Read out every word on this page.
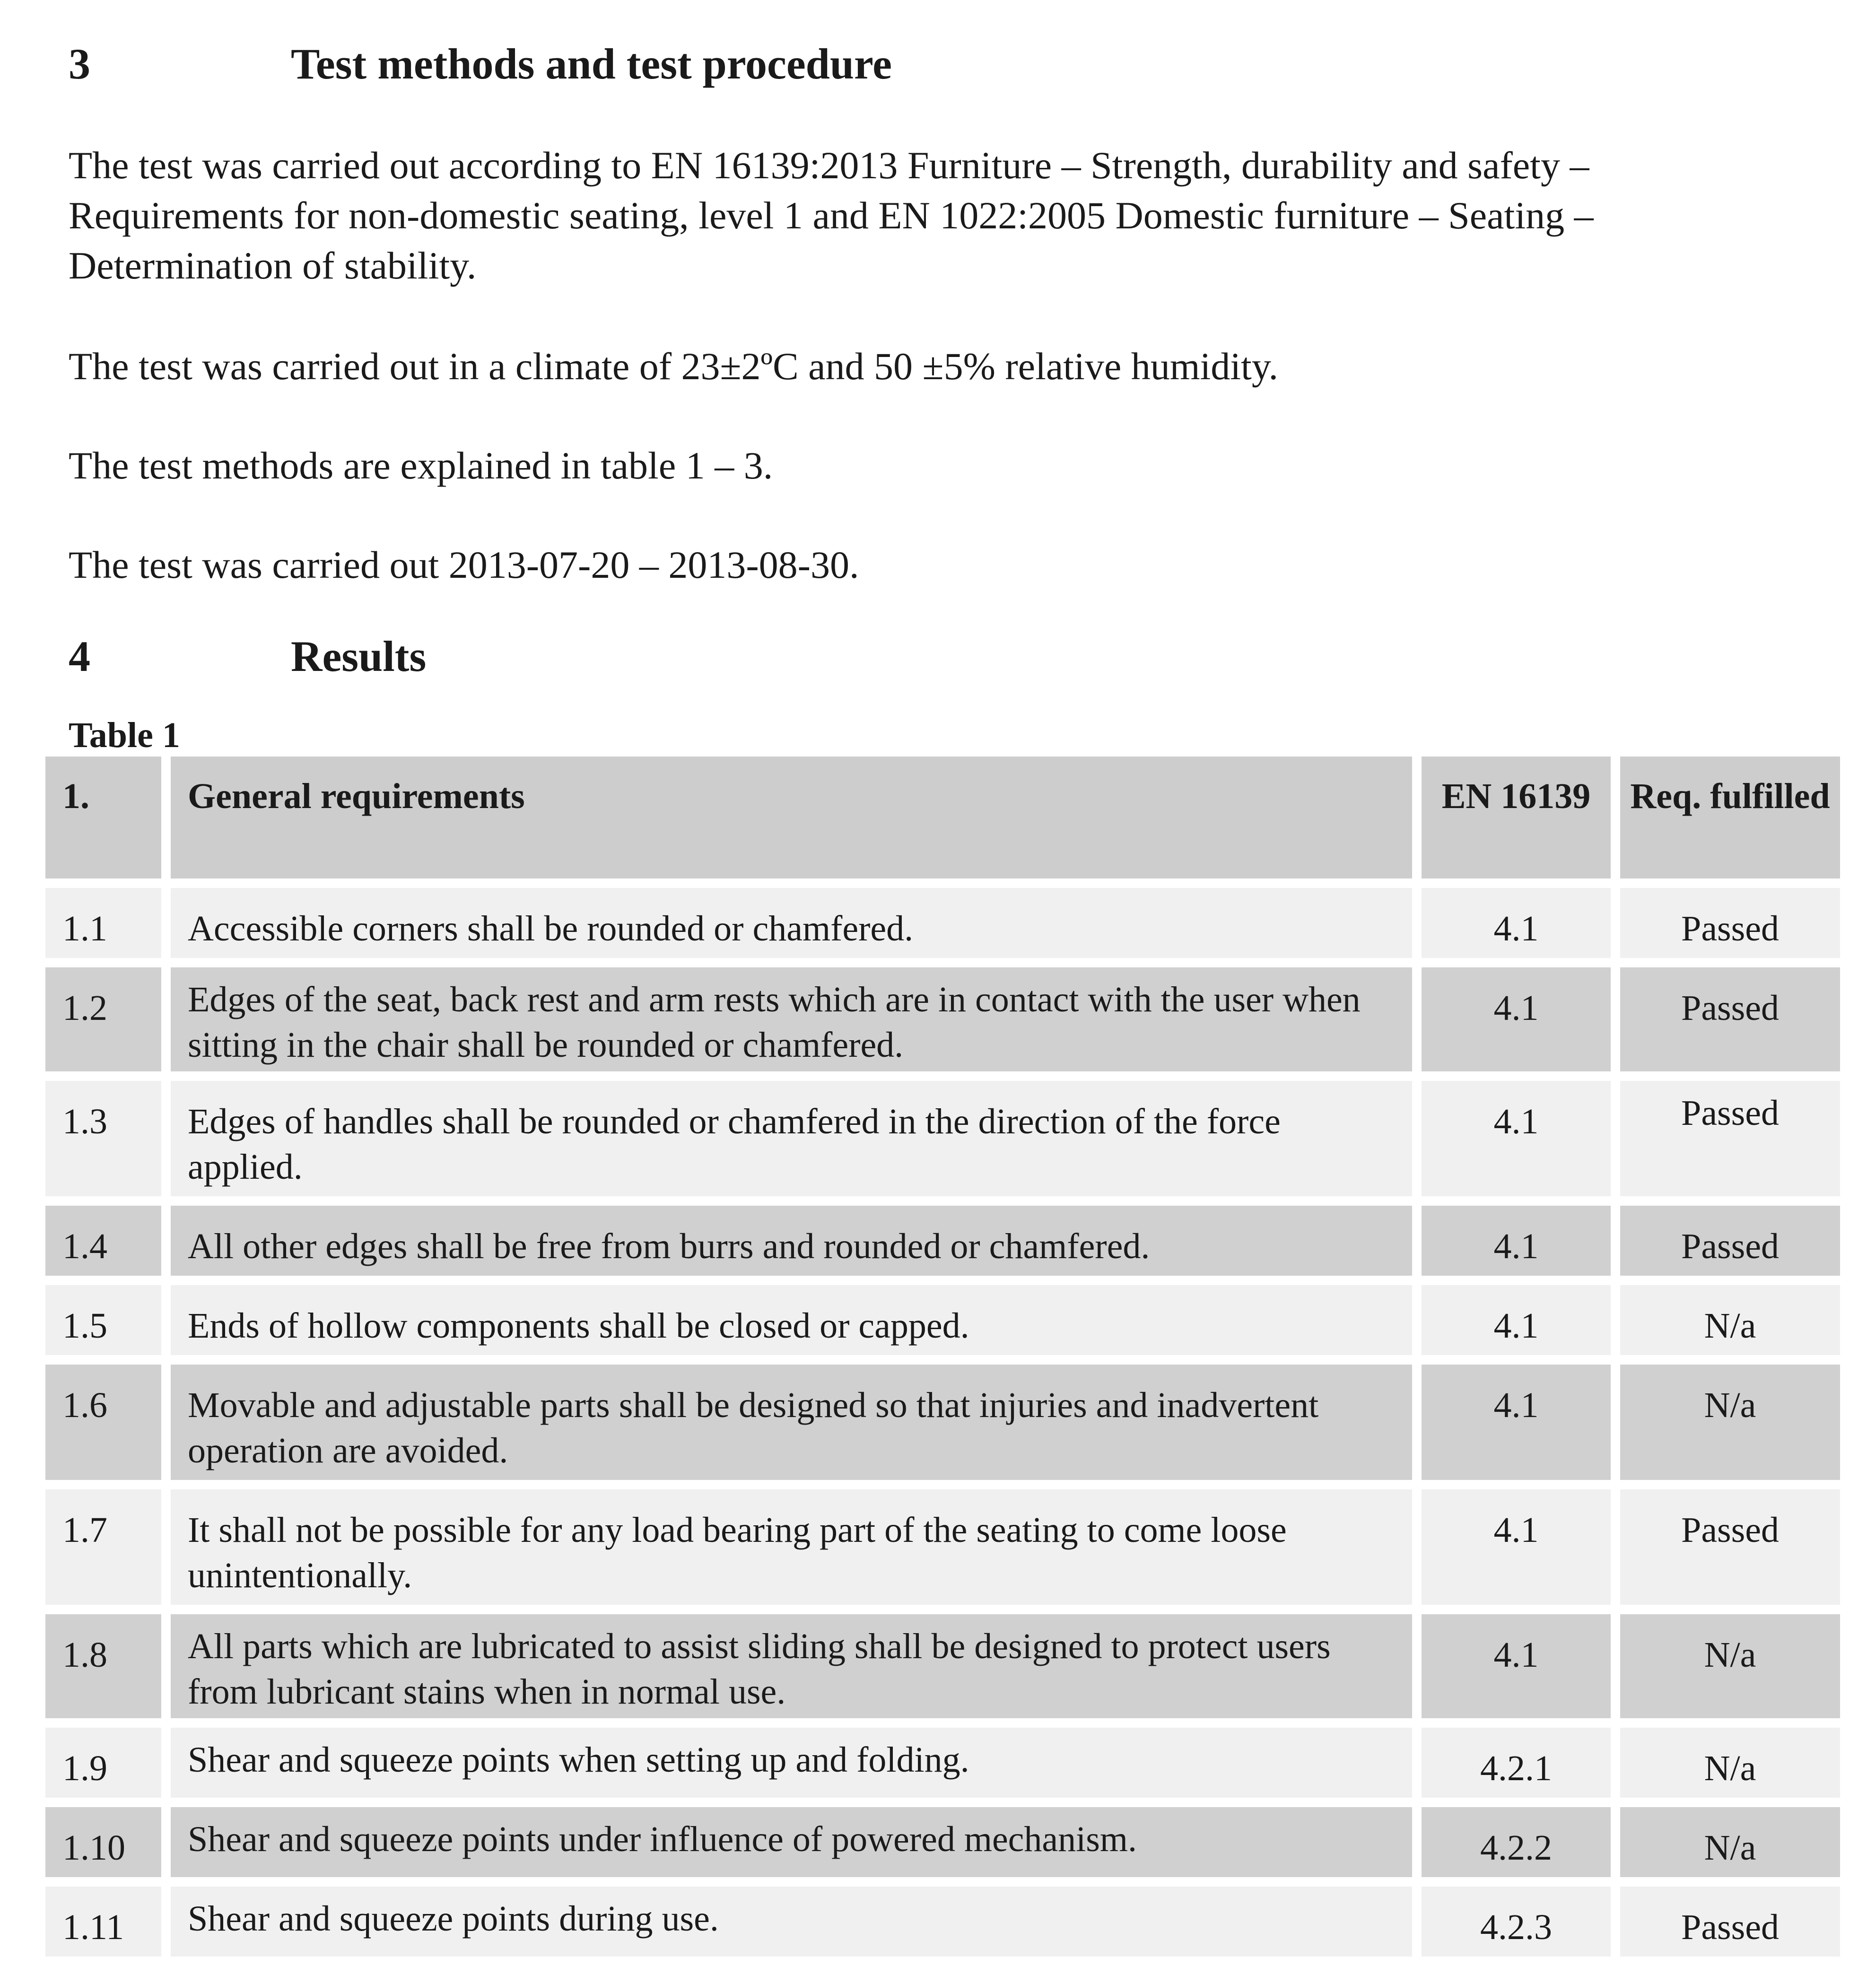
3	Test methods and test procedure

The test was carried out according to EN 16139:2013 Furniture – Strength, durability and safety – Requirements for non-domestic seating, level 1 and EN 1022:2005 Domestic furniture – Seating – Determination of stability.

The test was carried out in a climate of 23±2ºC and 50 ±5% relative humidity.

The test methods are explained in table 1 – 3.

The test was carried out 2013-07-20 – 2013-08-30.

4	Results
Table 1
1.	General requirements	EN 16139	Req. fulfilled
1.1	Accessible corners shall be rounded or chamfered.	4.1	Passed
1.2	Edges of the seat, back rest and arm rests which are in contact with the user when sitting in the chair shall be rounded or chamfered.	4.1	Passed
1.3	Edges of handles shall be rounded or chamfered in the direction of the force applied.	4.1	Passed
1.4	All other edges shall be free from burrs and rounded or chamfered.	4.1	Passed
1.5	Ends of hollow components shall be closed or capped.	4.1	N/a
1.6	Movable and adjustable parts shall be designed so that injuries and inadvertent operation are avoided.	4.1	N/a
1.7	It shall not be possible for any load bearing part of the seating to come loose unintentionally.	4.1	Passed
1.8	All parts which are lubricated to assist sliding shall be designed to protect users from lubricant stains when in normal use.	4.1	N/a
1.9	Shear and squeeze points when setting up and folding.	4.2.1	N/a
1.10	Shear and squeeze points under influence of powered mechanism.	4.2.2	N/a
1.11	Shear and squeeze points during use.	4.2.3	Passed
